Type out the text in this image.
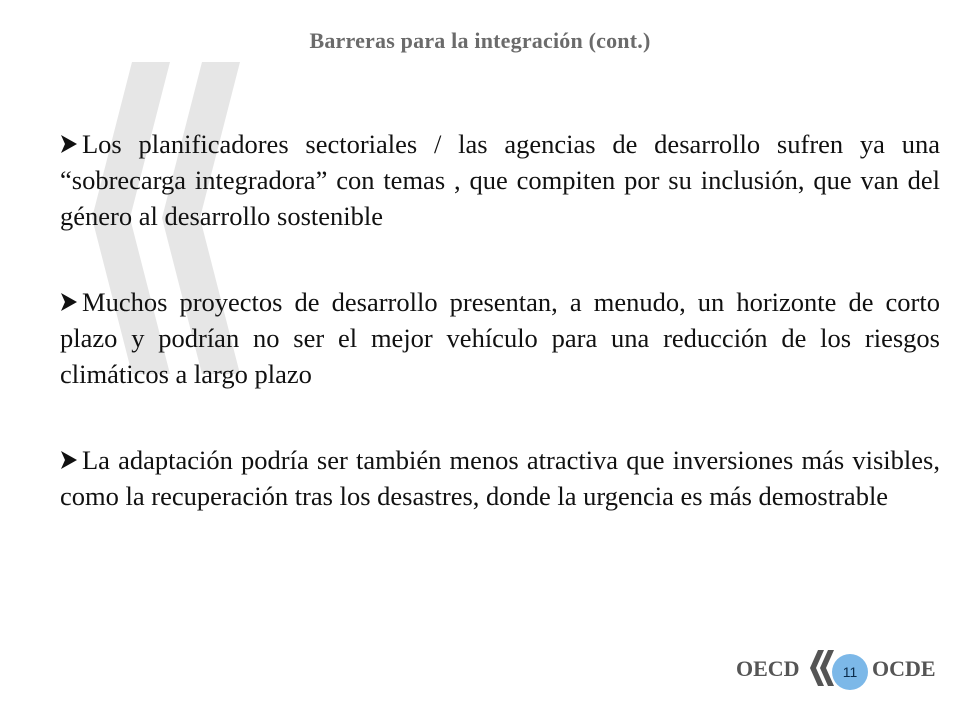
Barreras para la integración (cont.)

Los planificadores sectoriales / las agencias de desarrollo sufren ya una “sobrecarga integradora” con temas , que compiten por su inclusión, que van del género al desarrollo sostenible

Muchos proyectos de desarrollo presentan, a menudo, un horizonte de corto plazo y podrían no ser el mejor vehículo para una reducción de los riesgos climáticos a largo plazo

La adaptación podría ser también menos atractiva que inversiones más visibles, como la recuperación tras los desastres, donde la urgencia es más demostrable

OECD	11 OCDE
